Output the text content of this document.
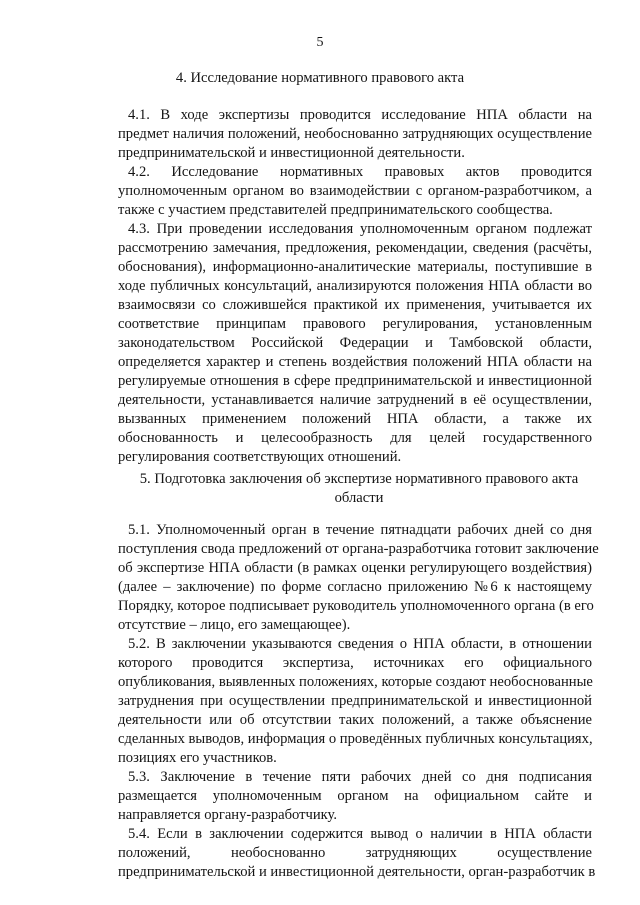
5
4. Исследование нормативного правового акта
4.1. В ходе экспертизы проводится исследование НПА области на
предмет наличия положений, необоснованно затрудняющих осуществление
предпринимательской и инвестиционной деятельности.
4.2. Исследование нормативных правовых актов проводится
уполномоченным органом во взаимодействии с органом-разработчиком, а
также с участием представителей предпринимательского сообщества.
4.3. При проведении исследования уполномоченным органом подлежат
рассмотрению замечания, предложения, рекомендации, сведения (расчёты,
обоснования), информационно-аналитические материалы, поступившие в
ходе публичных консультаций, анализируются положения НПА области во
взаимосвязи со сложившейся практикой их применения, учитывается их
соответствие принципам правового регулирования, установленным
законодательством Российской Федерации и Тамбовской области,
определяется характер и степень воздействия положений НПА области на
регулируемые отношения в сфере предпринимательской и инвестиционной
деятельности, устанавливается наличие затруднений в её осуществлении,
вызванных применением положений НПА области, а также их
обоснованность и целесообразность для целей государственного
регулирования соответствующих отношений.
5. Подготовка заключения об экспертизе нормативного правового акта
области
5.1. Уполномоченный орган в течение пятнадцати рабочих дней со дня
поступления свода предложений от органа-разработчика готовит заключение
об экспертизе НПА области (в рамках оценки регулирующего воздействия)
(далее – заключение) по форме согласно приложению №6 к настоящему
Порядку, которое подписывает руководитель уполномоченного органа (в его
отсутствие – лицо, его замещающее).
5.2. В заключении указываются сведения о НПА области, в отношении
которого проводится экспертиза, источниках его официального
опубликования, выявленных положениях, которые создают необоснованные
затруднения при осуществлении предпринимательской и инвестиционной
деятельности или об отсутствии таких положений, а также объяснение
сделанных выводов, информация о проведённых публичных консультациях,
позициях его участников.
5.3. Заключение в течение пяти рабочих дней со дня подписания
размещается уполномоченным органом на официальном сайте и
направляется органу-разработчику.
5.4. Если в заключении содержится вывод о наличии в НПА области
положений, необоснованно затрудняющих осуществление
предпринимательской и инвестиционной деятельности, орган-разработчик в
